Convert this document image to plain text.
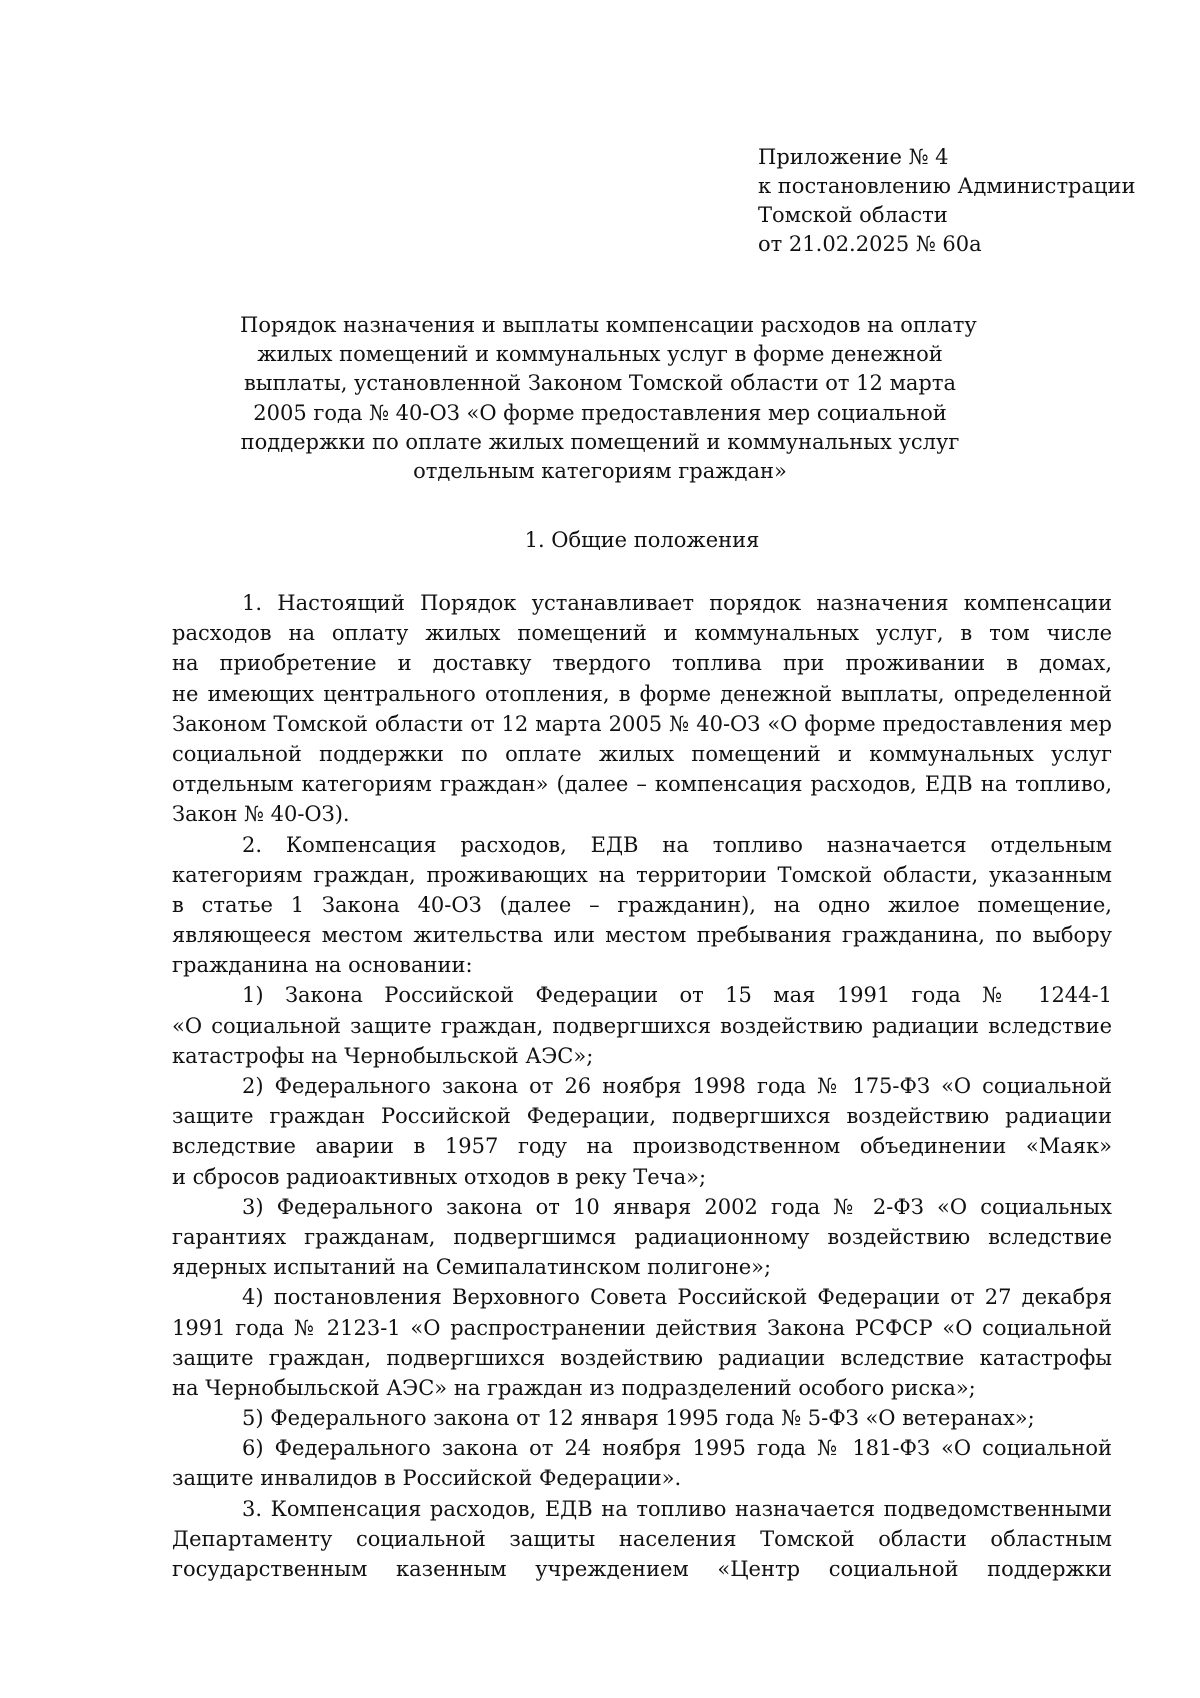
Приложение № 4
к постановлению Администрации
Томской области
от 21.02.2025 № 60а
Порядок назначения и выплаты компенсации расходов на оплату
жилых помещений и коммунальных услуг в форме денежной
выплаты, установленной Законом Томской области от 12 марта
2005 года № 40-ОЗ «О форме предоставления мер социальной
поддержки по оплате жилых помещений и коммунальных услуг
отдельным категориям граждан»
1. Общие положения
1. Настоящий Порядок устанавливает порядок назначения компенсации
расходов на оплату жилых помещений и коммунальных услуг, в том числе
на приобретение и доставку твердого топлива при проживании в домах,
не имеющих центрального отопления, в форме денежной выплаты, определенной
Законом Томской области от 12 марта 2005 № 40-ОЗ «О форме предоставления мер
социальной поддержки по оплате жилых помещений и коммунальных услуг
отдельным категориям граждан» (далее – компенсация расходов, ЕДВ на топливо,
Закон № 40-ОЗ).
2. Компенсация расходов, ЕДВ на топливо назначается отдельным
категориям граждан, проживающих на территории Томской области, указанным
в статье 1 Закона 40-ОЗ (далее – гражданин), на одно жилое помещение,
являющееся местом жительства или местом пребывания гражданина, по выбору
гражданина на основании:
1) Закона Российской Федерации от 15 мая 1991 года № 1244-1
«О социальной защите граждан, подвергшихся воздействию радиации вследствие
катастрофы на Чернобыльской АЭС»;
2) Федерального закона от 26 ноября 1998 года № 175-ФЗ «О социальной
защите граждан Российской Федерации, подвергшихся воздействию радиации
вследствие аварии в 1957 году на производственном объединении «Маяк»
и сбросов радиоактивных отходов в реку Теча»;
3) Федерального закона от 10 января 2002 года № 2-ФЗ «О социальных
гарантиях гражданам, подвергшимся радиационному воздействию вследствие
ядерных испытаний на Семипалатинском полигоне»;
4) постановления Верховного Совета Российской Федерации от 27 декабря
1991 года № 2123-1 «О распространении действия Закона РСФСР «О социальной
защите граждан, подвергшихся воздействию радиации вследствие катастрофы
на Чернобыльской АЭС» на граждан из подразделений особого риска»;
5) Федерального закона от 12 января 1995 года № 5-ФЗ «О ветеранах»;
6) Федерального закона от 24 ноября 1995 года № 181-ФЗ «О социальной
защите инвалидов в Российской Федерации».
3. Компенсация расходов, ЕДВ на топливо назначается подведомственными
Департаменту социальной защиты населения Томской области областным
государственным казенным учреждением «Центр социальной поддержки
